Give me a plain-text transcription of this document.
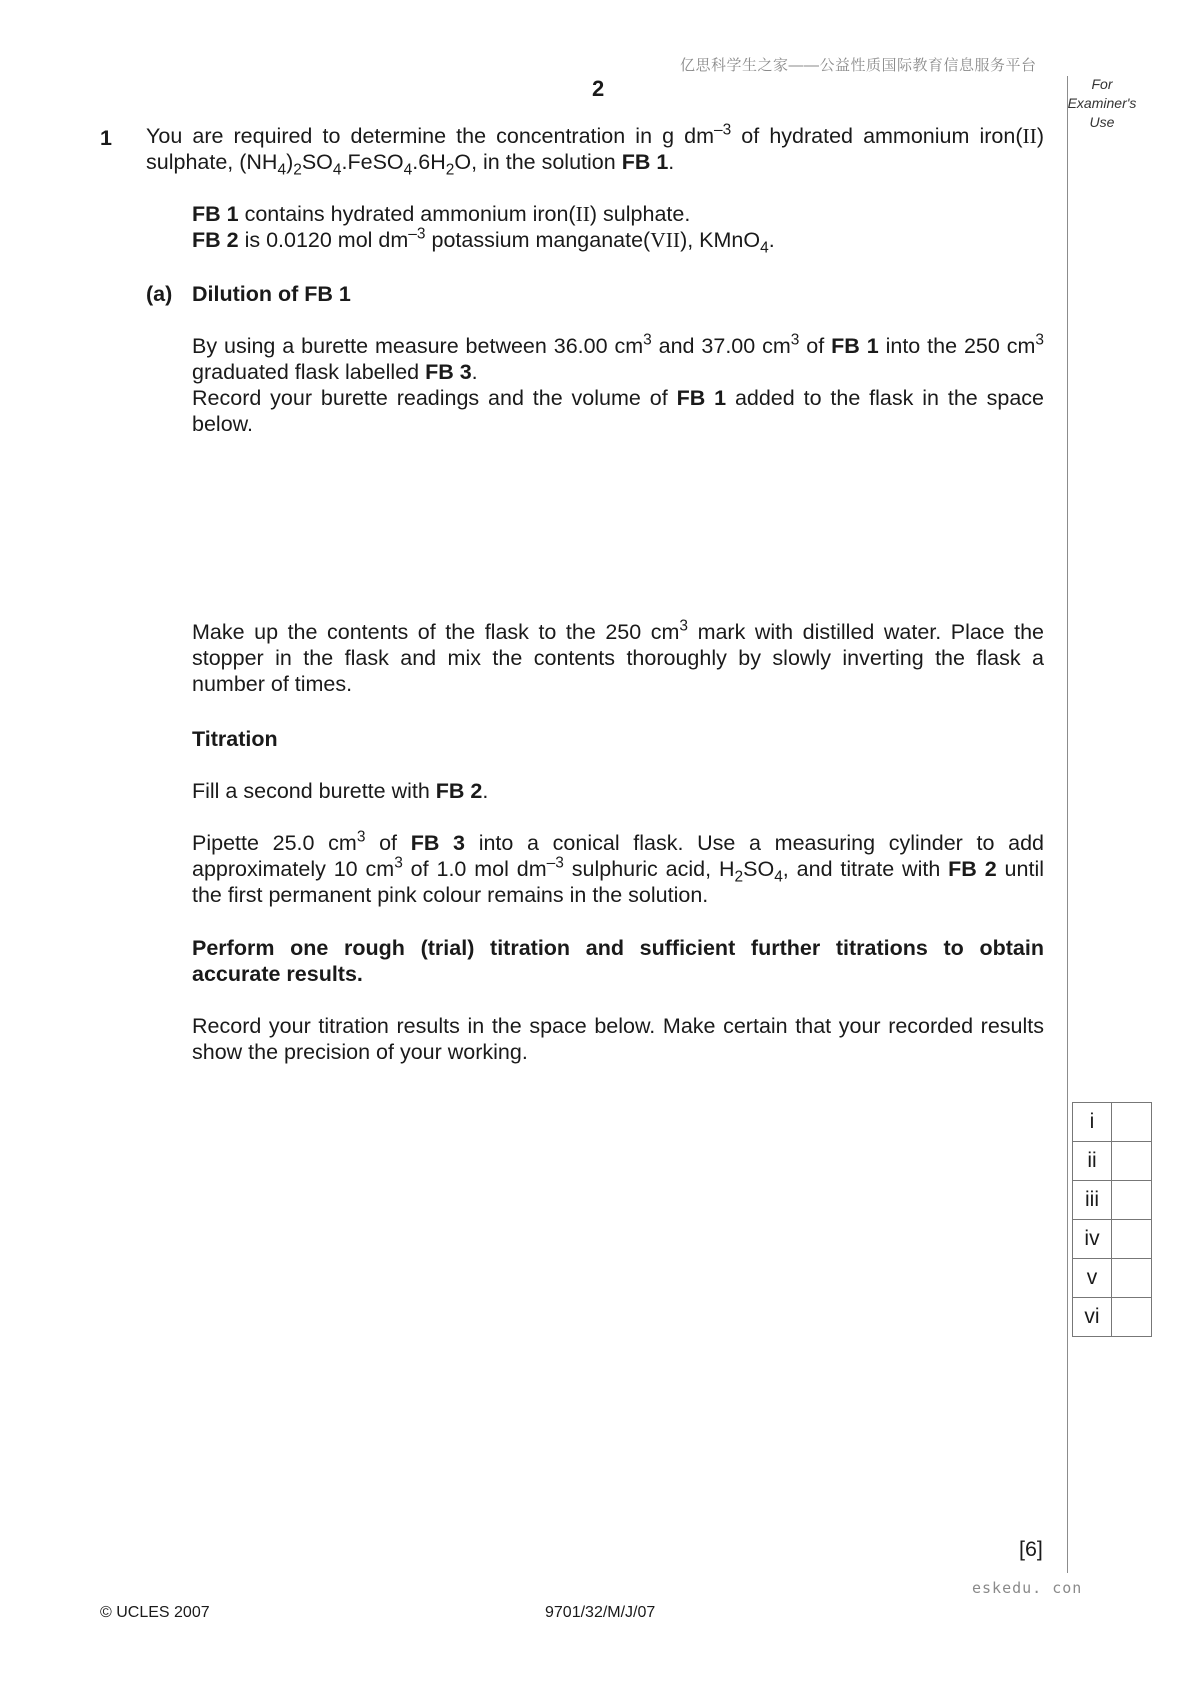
亿思科学生之家——公益性质国际教育信息服务平台
2	For
Examiner's
Use
1 You are required to determine the concentration in g $dm^{-3}$ of hydrated ammonium iron(II)
sulphate, $(NH_4)_2SO_4.FeSO_4.6H_2O$, in the solution FB 1.
FB 1 contains hydrated ammonium iron(II) sulphate.
FB 2 is 0.0120 mol $dm^{-3}$ potassium manganate(VII), KMnO$_4$.
(a) Dilution of FB 1
By using a burette measure between 36.00 $cm^3$ and 37.00 $cm^3$ of FB 1 into the 250 $cm^3$
graduated flask labelled FB 3.
Record your burette readings and the volume of FB 1 added to the flask in the space
below.
Make up the contents of the flask to the 250 $cm^3$ mark with distilled water. Place the
stopper in the flask and mix the contents thoroughly by slowly inverting the flask a
number of times.
Titration
Fill a second burette with FB 2.
Pipette 25.0 $cm^3$ of FB 3 into a conical flask. Use a measuring cylinder to add
approximately 10 $cm^3$ of 1.0 mol $dm^{-3}$ sulphuric acid, $H_2SO_4$, and titrate with FB 2 until
the first permanent pink colour remains in the solution.
Perform one rough (trial) titration and sufficient further titrations to obtain
accurate results.
Record your titration results in the space below. Make certain that your recorded results
show the precision of your working.
i	
ii	
iii	
iv	
v	
vi	
[6]
eskedu. con
© UCLES 2007	9701/32/M/J/07
